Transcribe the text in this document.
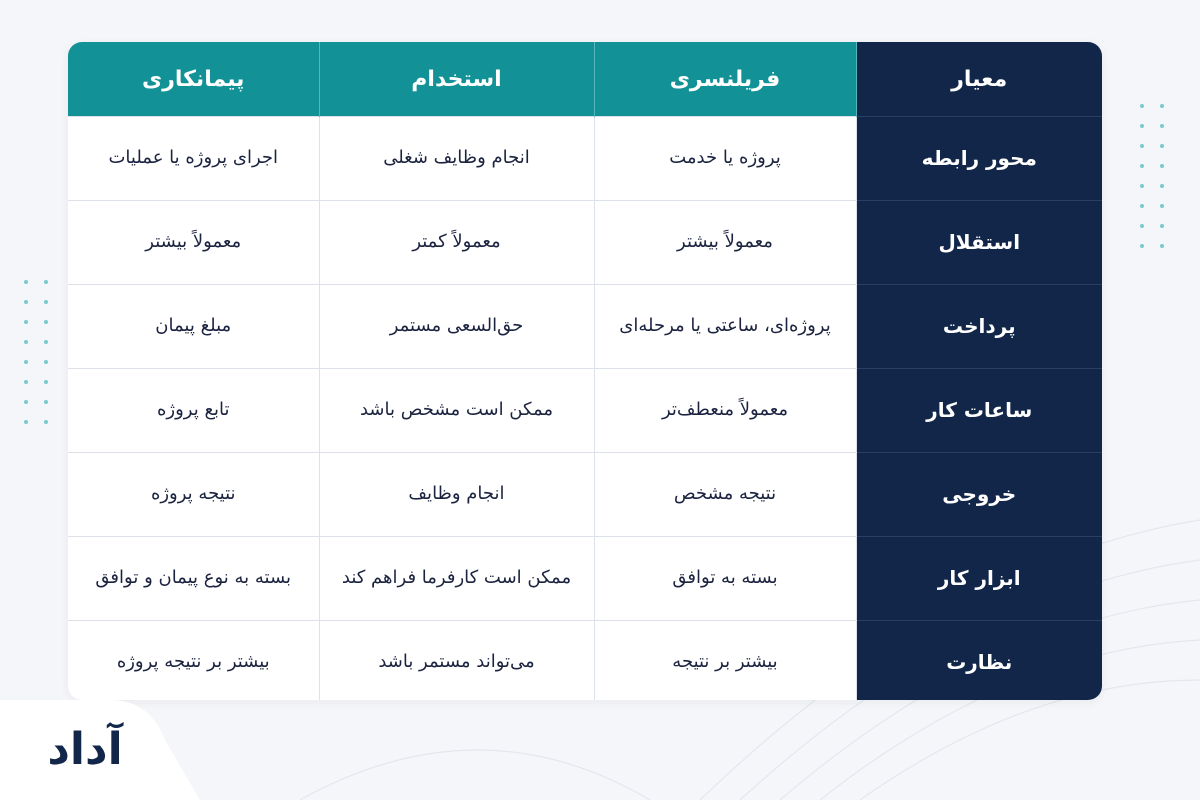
معیار	فریلنسری	استخدام	پیمانکاری
محور رابطه	پروژه یا خدمت	انجام وظایف شغلی	اجرای پروژه یا عملیات
استقلال	معمولاً بیشتر	معمولاً کمتر	معمولاً بیشتر
پرداخت	پروژه‌ای، ساعتی یا مرحله‌ای	حق‌السعی مستمر	مبلغ پیمان
ساعات کار	معمولاً منعطف‌تر	ممکن است مشخص باشد	تابع پروژه
خروجی	نتیجه مشخص	انجام وظایف	نتیجه پروژه
ابزار کار	بسته به توافق	ممکن است کارفرما فراهم کند	بسته به نوع پیمان و توافق
نظارت	بیشتر بر نتیجه	می‌تواند مستمر باشد	بیشتر بر نتیجه پروژه
آداد
